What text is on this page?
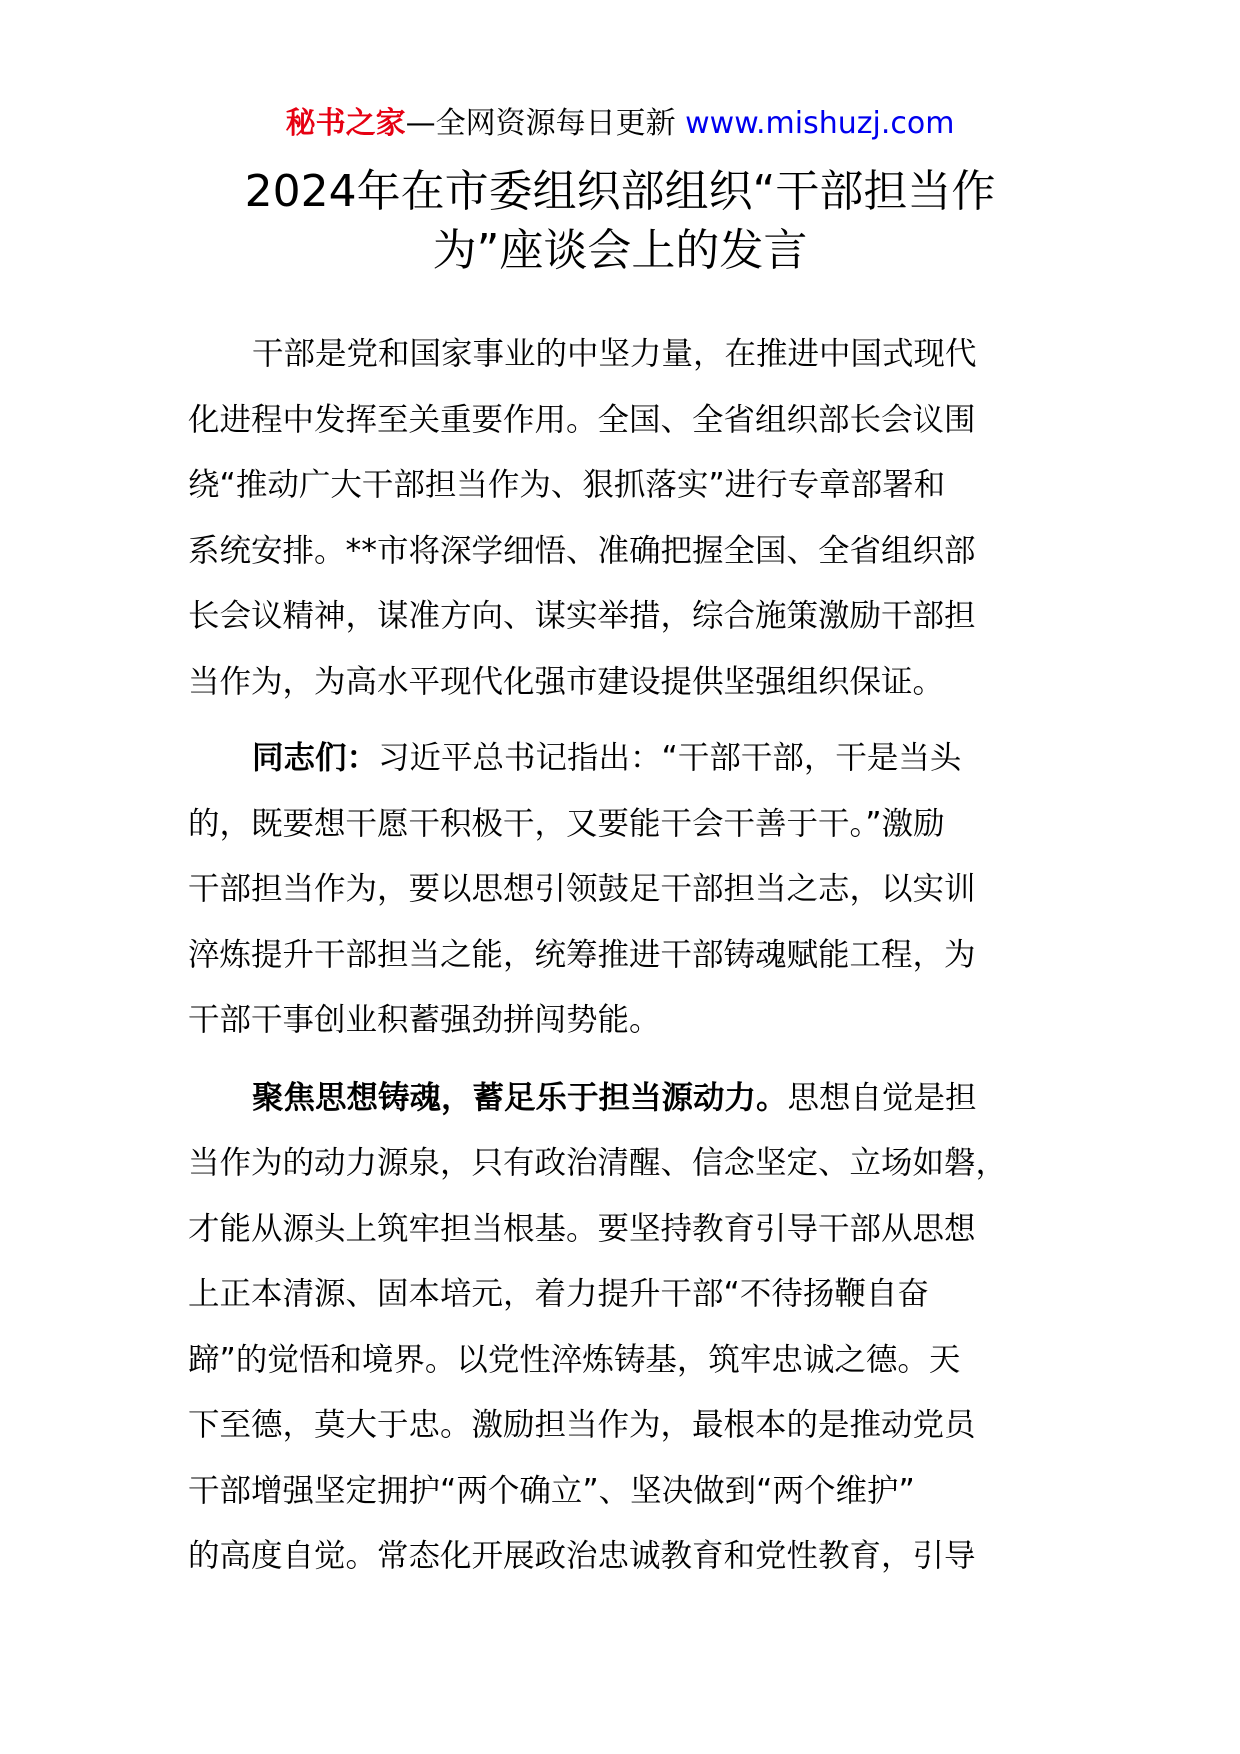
秘书之家—全网资源每日更新 www.mishuzj.com
2024年在市委组织部组织“干部担当作
为”座谈会上的发言
干部是党和国家事业的中坚力量，在推进中国式现代
化进程中发挥至关重要作用。全国、全省组织部长会议围
绕“推动广大干部担当作为、狠抓落实”进行专章部署和
系统安排。**市将深学细悟、准确把握全国、全省组织部
长会议精神，谋准方向、谋实举措，综合施策激励干部担
当作为，为高水平现代化强市建设提供坚强组织保证。
同志们：习近平总书记指出：“干部干部，干是当头
的，既要想干愿干积极干，又要能干会干善于干。”激励
干部担当作为，要以思想引领鼓足干部担当之志，以实训
淬炼提升干部担当之能，统筹推进干部铸魂赋能工程，为
干部干事创业积蓄强劲拼闯势能。
聚焦思想铸魂，蓄足乐于担当源动力。思想自觉是担
当作为的动力源泉，只有政治清醒、信念坚定、立场如磐，
才能从源头上筑牢担当根基。要坚持教育引导干部从思想
上正本清源、固本培元，着力提升干部“不待扬鞭自奋
蹄”的觉悟和境界。以党性淬炼铸基，筑牢忠诚之德。天
下至德，莫大于忠。激励担当作为，最根本的是推动党员
干部增强坚定拥护“两个确立”、坚决做到“两个维护”
的高度自觉。常态化开展政治忠诚教育和党性教育，引导
